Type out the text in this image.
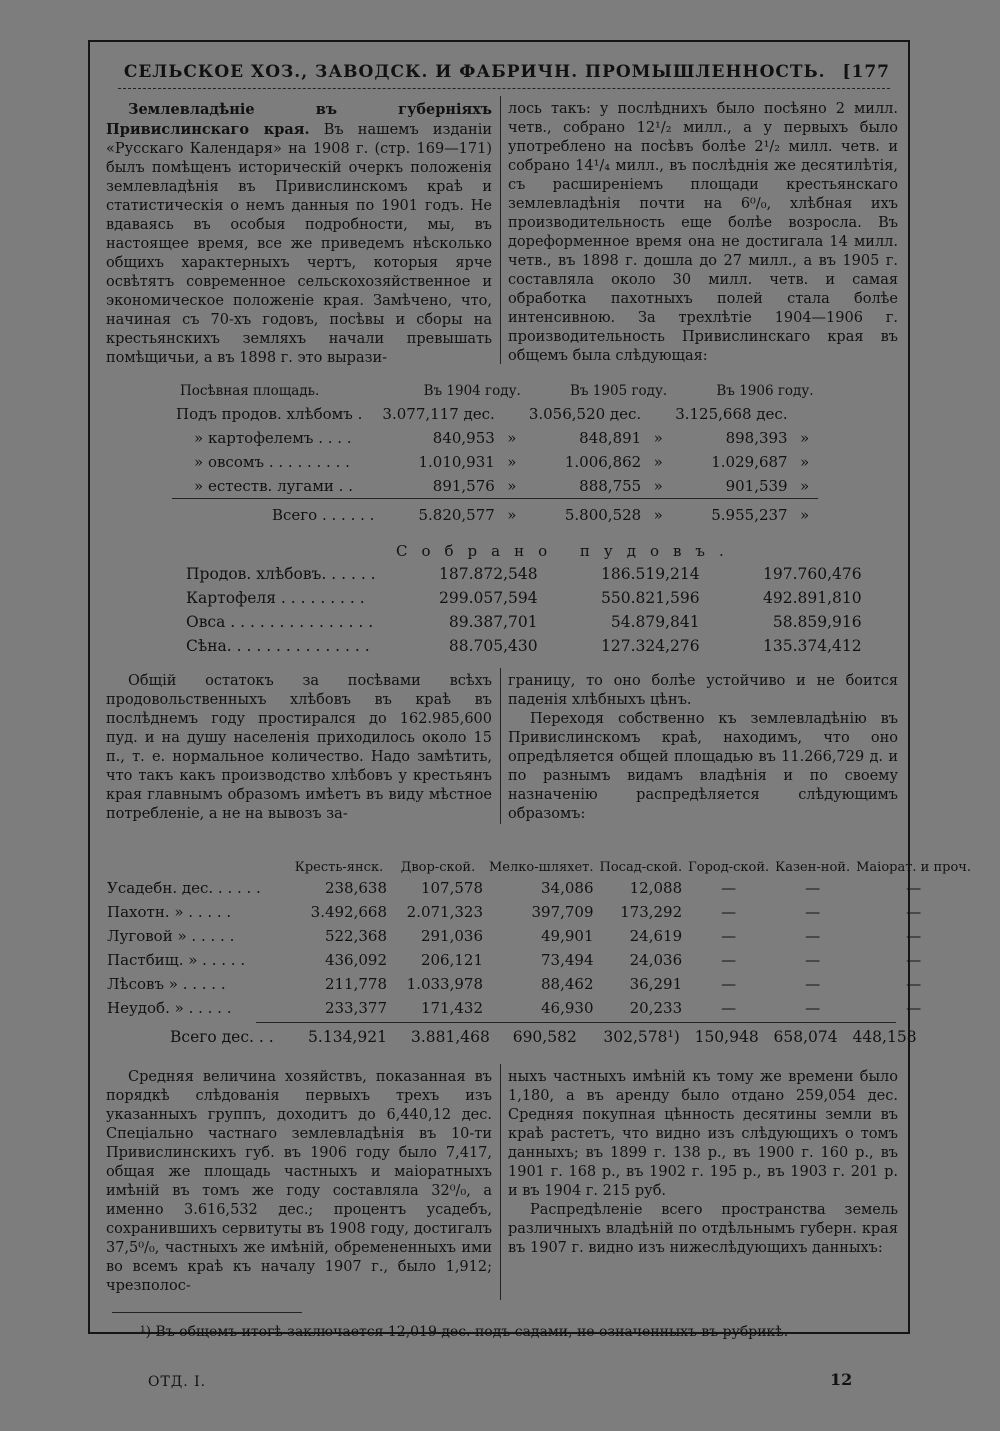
СЕЛЬСКОЕ ХОЗ., ЗАВОДСК. И ФАБРИЧН. ПРОМЫШЛЕННОСТЬ. [177

Землевладѣніе въ губерніяхъ Привислинскаго края. Въ нашемъ изданіи «Русскаго Календаря» на 1908 г. (стр. 169—171) былъ помѣщенъ историческій очеркъ положенія землевладѣнія въ Привислинскомъ краѣ и статистическія о немъ данныя по 1901 годъ. Не вдаваясь въ особыя подробности, мы, въ настоящее время, все же приведемъ нѣсколько общихъ характерныхъ чертъ, которыя ярче освѣтятъ современное сельскохозяйственное и экономическое положеніе края. Замѣчено, что, начиная съ 70-хъ годовъ, посѣвы и сборы на крестьянскихъ земляхъ начали превышать помѣщичьи, а въ 1898 г. это вырази-

лось такъ: у послѣднихъ было посѣяно 2 милл. четв., собрано 12¹/₂ милл., а у первыхъ было употреблено на посѣвъ болѣе 2¹/₂ милл. четв. и собрано 14¹/₄ милл., въ послѣднія же десятилѣтія, съ расширеніемъ площади крестьянскаго землевладѣнія почти на 6⁰/₀, хлѣбная ихъ производительность еще болѣе возросла. Въ дореформенное время она не достигала 14 милл. четв., въ 1898 г. дошла до 27 милл., а въ 1905 г. составляла около 30 милл. четв. и самая обработка пахотныхъ полей стала болѣе интенсивною. За трехлѣтіе 1904—1906 г. производительность Привислинскаго края въ общемъ была слѣдующая:

Посѣвная площадь.	Въ 1904 году.		Въ 1905 году.		Въ 1906 году.	
Подъ продов. хлѣбомъ .	3.077,117 дес.		3.056,520 дес.		3.125,668 дес.	
» картофелемъ . . . .	840,953	»	848,891	»	898,393	»
» овсомъ . . . . . . . . .	1.010,931	»	1.006,862	»	1.029,687	»
» естеств. лугами . .	891,576	»	888,755	»	901,539	»
Всего . . . . . .	5.820,577	»	5.800,528	»	5.955,237	»
Собрано пудовъ.
Продов. хлѣбовъ. . . . . .	187.872,548	186.519,214	197.760,476
Картофеля . . . . . . . . .	299.057,594	550.821,596	492.891,810
Овса . . . . . . . . . . . . . . .	89.387,701	54.879,841	58.859,916
Сѣна. . . . . . . . . . . . . . .	88.705,430	127.324,276	135.374,412

Общій остатокъ за посѣвами всѣхъ продовольственныхъ хлѣбовъ въ краѣ въ послѣднемъ году простирался до 162.985,600 пуд. и на душу населенія приходилось около 15 п., т. е. нормальное количество. Надо замѣтить, что такъ какъ производство хлѣбовъ у крестьянъ края главнымъ образомъ имѣетъ въ виду мѣстное потребленіе, а не на вывозъ за-

границу, то оно болѣе устойчиво и не боится паденія хлѣбныхъ цѣнъ.

Переходя собственно къ землевладѣнію въ Привислинскомъ краѣ, находимъ, что оно опредѣляется общей площадью въ 11.266,729 д. и по разнымъ видамъ владѣнія и по своему назначенію распредѣляется слѣдующимъ образомъ:

	Кресть-янск.	Двор-ской.	Мелко-шляхет.	Посад-ской.	Город-ской.	Казен-ной.	Маіорат. и проч.
Усадебн. дес. . . . . .	238,638	107,578	34,086	12,088	—	—	—
Пахотн. » . . . . .	3.492,668	2.071,323	397,709	173,292	—	—	—
Луговой » . . . . .	522,368	291,036	49,901	24,619	—	—	—
Пастбищ. » . . . . .	436,092	206,121	73,494	24,036	—	—	—
Лѣсовъ » . . . . .	211,778	1.033,978	88,462	36,291	—	—	—
Неудоб. » . . . . .	233,377	171,432	46,930	20,233	—	—	—
Всего дес. . . 5.134,921 3.881,468 690,582 302,578¹) 150,948 658,074 448,158

Средняя величина хозяйствъ, показанная въ порядкѣ слѣдованія первыхъ трехъ изъ указанныхъ группъ, доходитъ до 6,440,12 дес. Спеціально частнаго землевладѣнія въ 10-ти Привислинскихъ губ. въ 1906 году было 7,417, общая же площадь частныхъ и маіоратныхъ имѣній въ томъ же году составляла 32⁰/₀, а именно 3.616,532 дес.; процентъ усадебъ, сохранившихъ сервитуты въ 1908 году, достигалъ 37,5⁰/₀, частныхъ же имѣній, обремененныхъ ими во всемъ краѣ къ началу 1907 г., было 1,912; чрезполос-

ныхъ частныхъ имѣній къ тому же времени было 1,180, а въ аренду было отдано 259,054 дес. Средняя покупная цѣнность десятины земли въ краѣ растетъ, что видно изъ слѣдующихъ о томъ данныхъ; въ 1899 г. 138 р., въ 1900 г. 160 р., въ 1901 г. 168 р., въ 1902 г. 195 р., въ 1903 г. 201 р. и въ 1904 г. 215 руб.

Распредѣленіе всего пространства земель различныхъ владѣній по отдѣльнымъ губерн. края въ 1907 г. видно изъ нижеслѣдующихъ данныхъ:

¹) Въ общемъ итогѣ заключается 12,019 дес. подъ садами, не означенныхъ въ рубрикѣ.
ОТД. I.	12
